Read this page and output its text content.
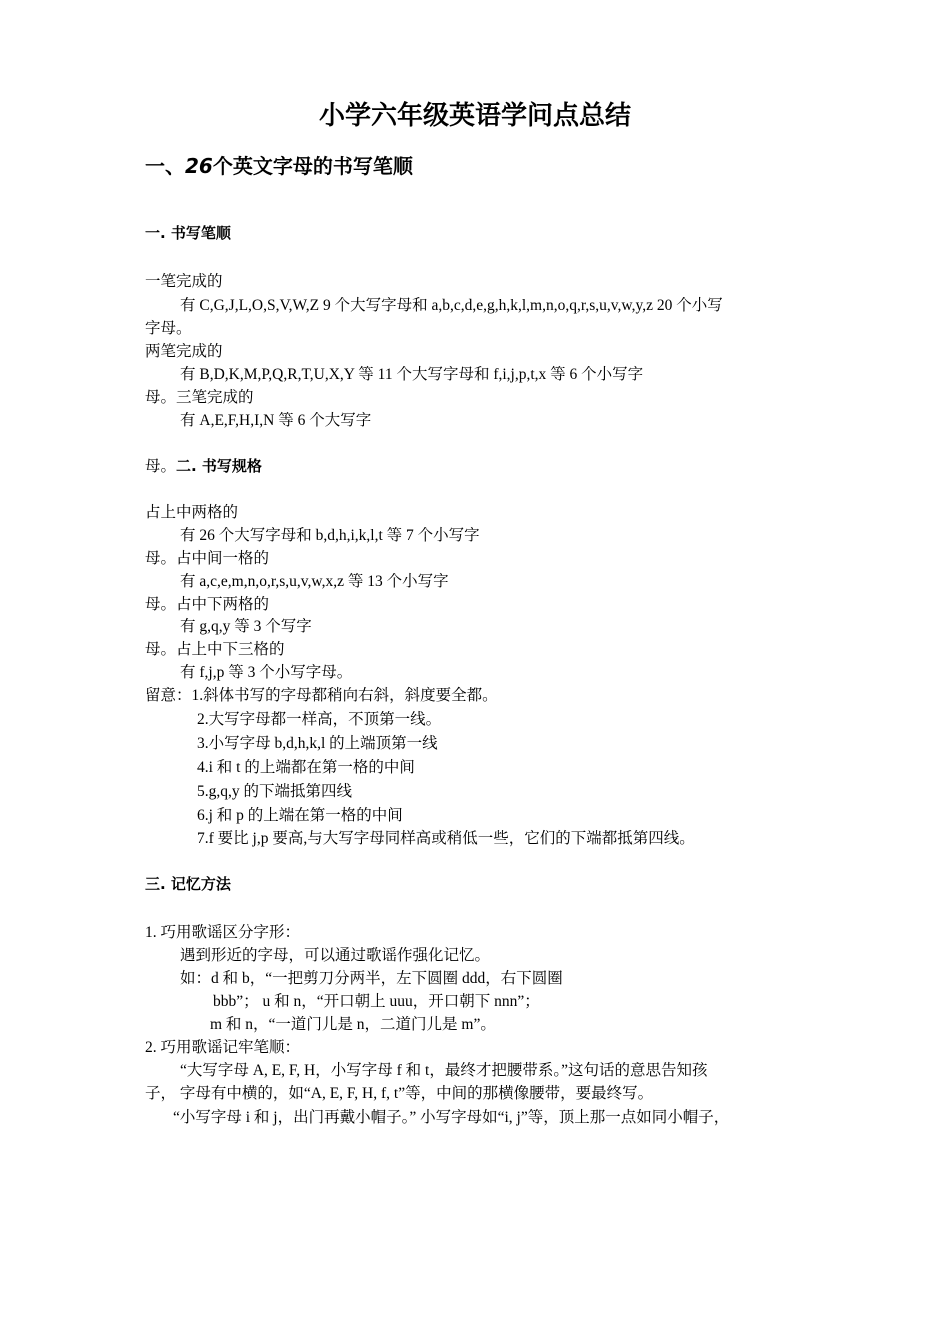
小学六年级英语学问点总结
一、26个英文字母的书写笔顺
一. 书写笔顺
一笔完成的
有 C,G,J,L,O,S,V,W,Z 9 个大写字母和 a,b,c,d,e,g,h,k,l,m,n,o,q,r,s,u,v,w,y,z 20 个小写
字母。
两笔完成的
有 B,D,K,M,P,Q,R,T,U,X,Y 等 11 个大写字母和 f,i,j,p,t,x 等 6 个小写字
母。三笔完成的
有 A,E,F,H,I,N 等 6 个大写字
母。二. 书写规格
占上中两格的
有 26 个大写字母和 b,d,h,i,k,l,t 等 7 个小写字
母。占中间一格的
有 a,c,e,m,n,o,r,s,u,v,w,x,z 等 13 个小写字
母。占中下两格的
有 g,q,y 等 3 个写字
母。占上中下三格的
有 f,j,p 等 3 个小写字母。
留意：1.斜体书写的字母都稍向右斜，斜度要全都。
2.大写字母都一样高，不顶第一线。
3.小写字母 b,d,h,k,l 的上端顶第一线
4.i 和 t 的上端都在第一格的中间
5.g,q,y 的下端抵第四线
6.j 和 p 的上端在第一格的中间
7.f 要比 j,p 要高,与大写字母同样高或稍低一些，它们的下端都抵第四线。
三. 记忆方法
1. 巧用歌谣区分字形：
遇到形近的字母，可以通过歌谣作强化记忆。
如：d 和 b，“一把剪刀分两半，左下圆圈 ddd，右下圆圈
bbb”； u 和 n，“开口朝上 uuu，开口朝下 nnn”；
m 和 n，“一道门儿是 n，二道门儿是 m”。
2. 巧用歌谣记牢笔顺：
“大写字母 A, E, F, H，小写字母 f 和 t，最终才把腰带系。”这句话的意思告知孩
子， 字母有中横的，如“A, E, F, H, f, t”等，中间的那横像腰带，要最终写。
“小写字母 i 和 j，出门再戴小帽子。” 小写字母如“i, j”等，顶上那一点如同小帽子，
